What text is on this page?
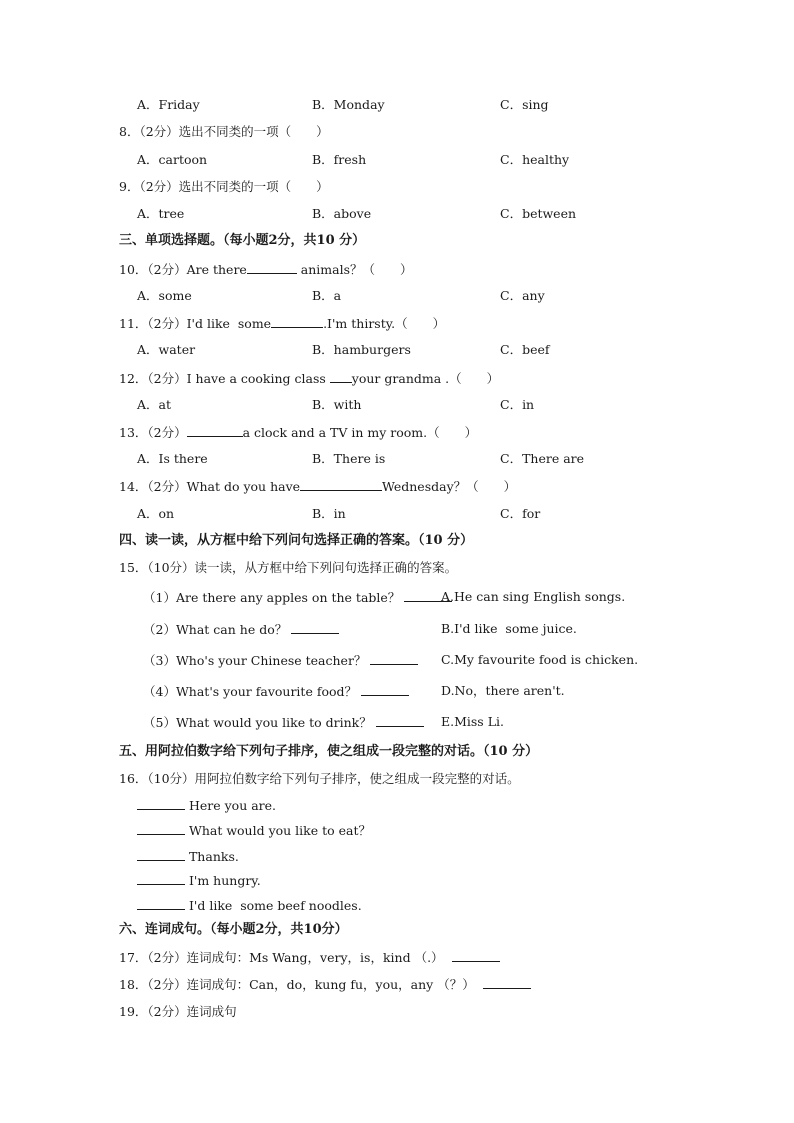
A．Friday	B．Monday	C．sing
8．（2分）选出不同类的一项（　　）
A．cartoon	B．fresh	C．healthy
9．（2分）选出不同类的一项（　　）
A．tree	B．above	C．between
三、单项选择题。（每小题2分，共10 分）
10．（2分）Are there	animals？（　　）
A．some	B．a	C．any
11．（2分）I'd like  some	.I'm thirsty.（　　）
A．water	B．hamburgers	C．beef
12．（2分）I have a cooking class your grandma .（　　）
A．at	B．with	C．in
13．（2分）	a clock and a TV in my room.（　　）
A．Is there	B．There is	C．There are
14．（2分）What do you have	Wednesday？（　　）
A．on	B．in	C．for
四、读一读，从方框中给下列问句选择正确的答案。（10 分）
15．（10分）读一读，从方框中给下列问句选择正确的答案。
（1）Are there any apples on the table？	A.He can sing English songs.
（2）What can he do？	B.I'd like  some juice.
（3）Who's your Chinese teacher？	C.My favourite food is chicken.
（4）What's your favourite food？	D.No，there aren't.
（5）What would you like to drink？	E.Miss Li.
五、用阿拉伯数字给下列句子排序，使之组成一段完整的对话。（10 分）
16．（10分）用阿拉伯数字给下列句子排序，使之组成一段完整的对话。
Here you are.
What would you like to eat？
Thanks.
I'm hungry.
I'd like  some beef noodles.
六、连词成句。（每小题2分，共10分）
17．（2分）连词成句：Ms Wang，very，is，kind （.）
18．（2分）连词成句：Can，do，kung fu，you，any （？）
19．（2分）连词成句
